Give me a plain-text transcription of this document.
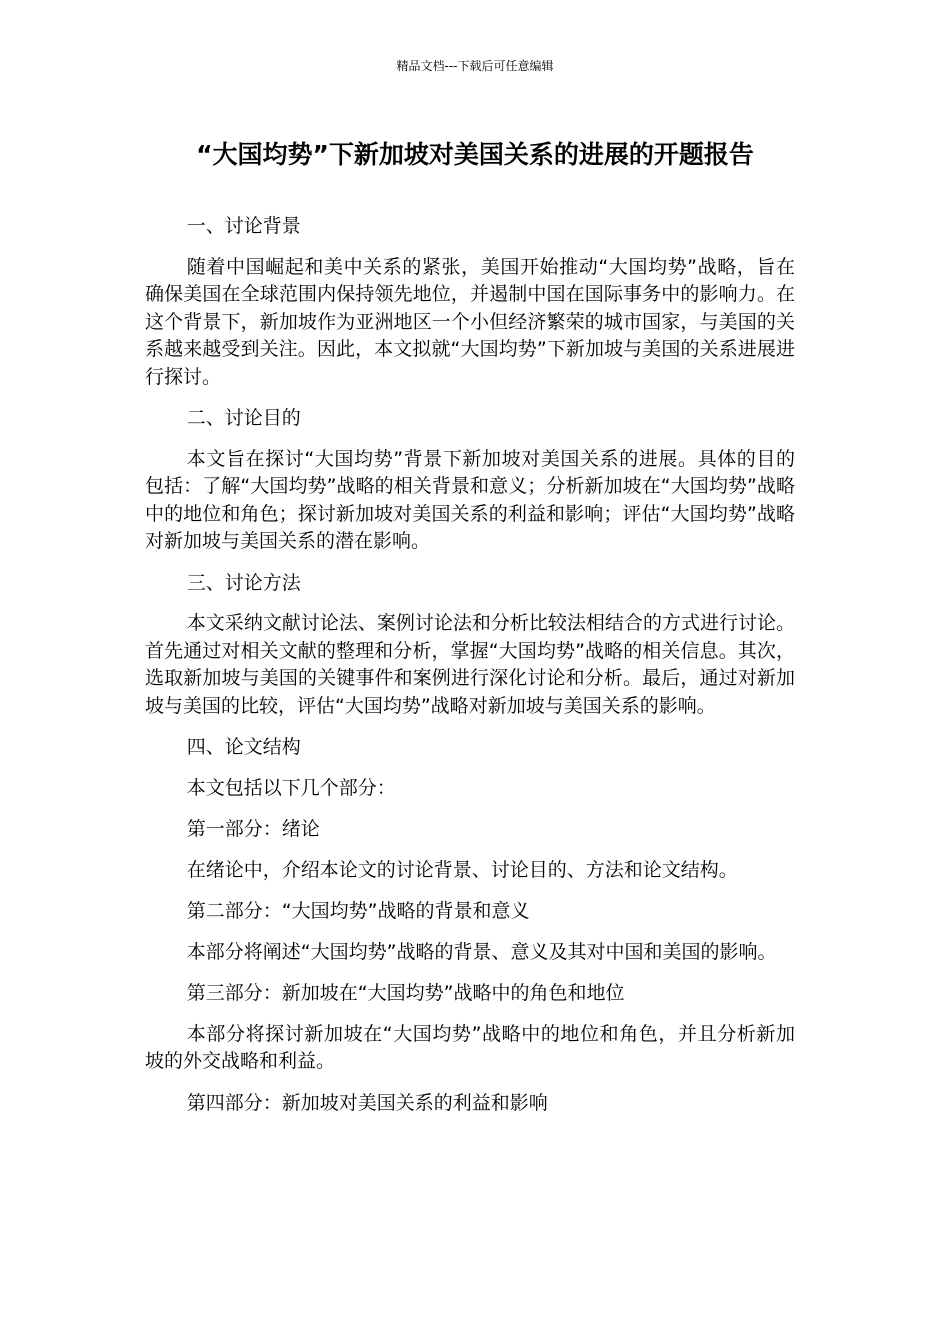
精品文档---下载后可任意编辑
“大国均势”下新加坡对美国关系的进展的开题报告

一、讨论背景

随着中国崛起和美中关系的紧张，美国开始推动“大国均势”战略，旨在确保美国在全球范围内保持领先地位，并遏制中国在国际事务中的影响力。在这个背景下，新加坡作为亚洲地区一个小但经济繁荣的城市国家，与美国的关系越来越受到关注。因此，本文拟就“大国均势”下新加坡与美国的关系进展进行探讨。

二、讨论目的

本文旨在探讨“大国均势”背景下新加坡对美国关系的进展。具体的目的包括：了解“大国均势”战略的相关背景和意义；分析新加坡在“大国均势”战略中的地位和角色；探讨新加坡对美国关系的利益和影响；评估“大国均势”战略对新加坡与美国关系的潜在影响。

三、讨论方法

本文采纳文献讨论法、案例讨论法和分析比较法相结合的方式进行讨论。首先通过对相关文献的整理和分析，掌握“大国均势”战略的相关信息。其次，选取新加坡与美国的关键事件和案例进行深化讨论和分析。最后，通过对新加坡与美国的比较，评估“大国均势”战略对新加坡与美国关系的影响。

四、论文结构

本文包括以下几个部分：

第一部分：绪论

在绪论中，介绍本论文的讨论背景、讨论目的、方法和论文结构。

第二部分：“大国均势”战略的背景和意义

本部分将阐述“大国均势”战略的背景、意义及其对中国和美国的影响。

第三部分：新加坡在“大国均势”战略中的角色和地位

本部分将探讨新加坡在“大国均势”战略中的地位和角色，并且分析新加坡的外交战略和利益。

第四部分：新加坡对美国关系的利益和影响
